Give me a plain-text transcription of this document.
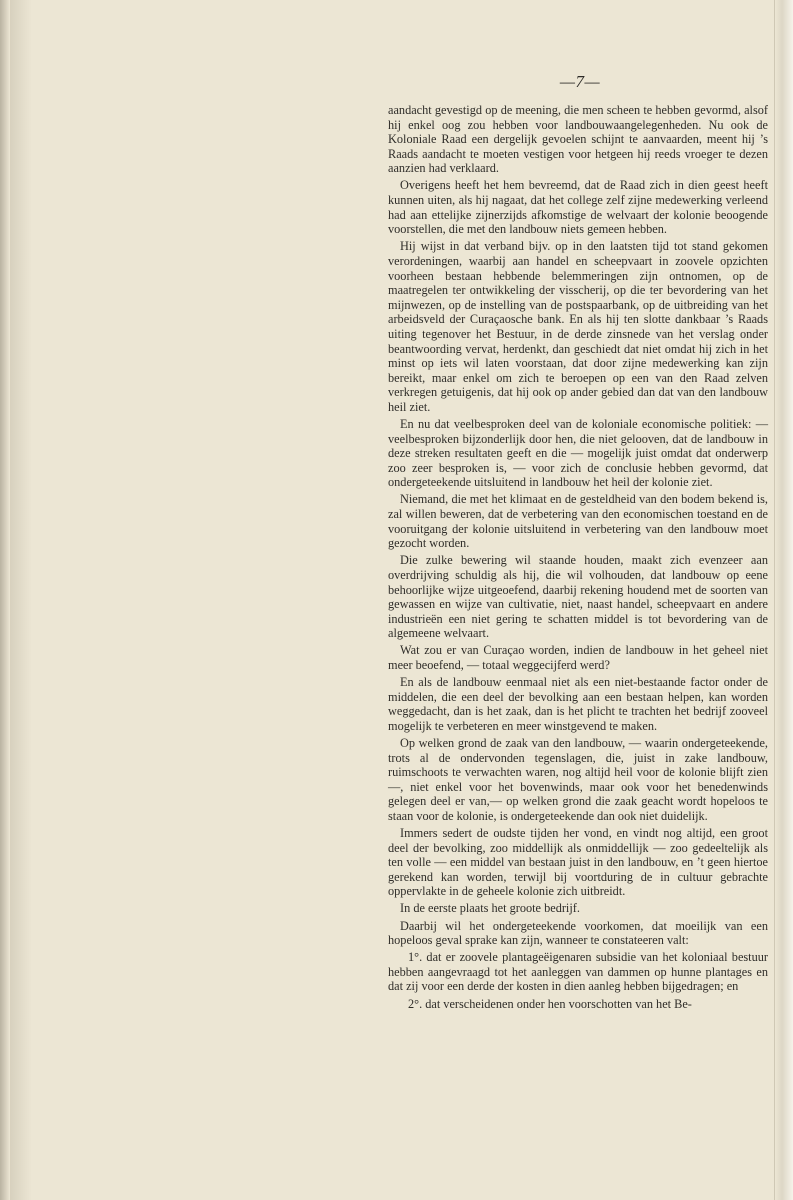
—7—

aandacht gevestigd op de meening, die men scheen te hebben gevormd, alsof hij enkel oog zou hebben voor landbouwaangelegenheden. Nu ook de Koloniale Raad een dergelijk gevoelen schijnt te aanvaarden, meent hij ’s Raads aandacht te moeten vestigen voor hetgeen hij reeds vroeger te dezen aanzien had verklaard.

Overigens heeft het hem bevreemd, dat de Raad zich in dien geest heeft kunnen uiten, als hij nagaat, dat het college zelf zijne medewerking verleend had aan ettelijke zijnerzijds afkomstige de welvaart der kolonie beoogende voorstellen, die met den landbouw niets gemeen hebben.

Hij wijst in dat verband bijv. op in den laatsten tijd tot stand gekomen verordeningen, waarbij aan handel en scheepvaart in zoovele opzichten voorheen bestaan hebbende belemmeringen zijn ontnomen, op de maatregelen ter ontwikkeling der visscherij, op die ter bevordering van het mijnwezen, op de instelling van de postspaarbank, op de uitbreiding van het arbeidsveld der Curaçaosche bank. En als hij ten slotte dankbaar ’s Raads uiting tegenover het Bestuur, in de derde zinsnede van het verslag onder beantwoording vervat, herdenkt, dan geschiedt dat niet omdat hij zich in het minst op iets wil laten voorstaan, dat door zijne medewerking kan zijn bereikt, maar enkel om zich te beroepen op een van den Raad zelven verkregen getuigenis, dat hij ook op ander gebied dan dat van den landbouw heil ziet.

En nu dat veelbesproken deel van de koloniale economische politiek: — veelbesproken bijzonderlijk door hen, die niet gelooven, dat de landbouw in deze streken resultaten geeft en die — mogelijk juist omdat dat onderwerp zoo zeer besproken is, — voor zich de conclusie hebben gevormd, dat ondergeteekende uitsluitend in landbouw het heil der kolonie ziet.

Niemand, die met het klimaat en de gesteldheid van den bodem bekend is, zal willen beweren, dat de verbetering van den economischen toestand en de vooruitgang der kolonie uitsluitend in verbetering van den landbouw moet gezocht worden.

Die zulke bewering wil staande houden, maakt zich evenzeer aan overdrijving schuldig als hij, die wil volhouden, dat landbouw op eene behoorlijke wijze uitgeoefend, daarbij rekening houdend met de soorten van gewassen en wijze van cultivatie, niet, naast handel, scheepvaart en andere industrieën een niet gering te schatten middel is tot bevordering van de algemeene welvaart.

Wat zou er van Curaçao worden, indien de landbouw in het geheel niet meer beoefend, — totaal weggecijferd werd?

En als de landbouw eenmaal niet als een niet-bestaande factor onder de middelen, die een deel der bevolking aan een bestaan helpen, kan worden weggedacht, dan is het zaak, dan is het plicht te trachten het bedrijf zooveel mogelijk te verbeteren en meer winstgevend te maken.

Op welken grond de zaak van den landbouw, — waarin ondergeteekende, trots al de ondervonden tegenslagen, die, juist in zake landbouw, ruimschoots te verwachten waren, nog altijd heil voor de kolonie blijft zien—, niet enkel voor het bovenwinds, maar ook voor het benedenwinds gelegen deel er van,— op welken grond die zaak geacht wordt hopeloos te staan voor de kolonie, is ondergeteekende dan ook niet duidelijk.

Immers sedert de oudste tijden her vond, en vindt nog altijd, een groot deel der bevolking, zoo middellijk als onmiddellijk — zoo gedeeltelijk als ten volle — een middel van bestaan juist in den landbouw, en ’t geen hiertoe gerekend kan worden, terwijl bij voortduring de in cultuur gebrachte oppervlakte in de geheele kolonie zich uitbreidt.

In de eerste plaats het groote bedrijf.

Daarbij wil het ondergeteekende voorkomen, dat moeilijk van een hopeloos geval sprake kan zijn, wanneer te constateeren valt:

1°. dat er zoovele plantageëigenaren subsidie van het koloniaal bestuur hebben aangevraagd tot het aanleggen van dammen op hunne plantages en dat zij voor een derde der kosten in dien aanleg hebben bijgedragen; en

2°. dat verscheidenen onder hen voorschotten van het Be-
